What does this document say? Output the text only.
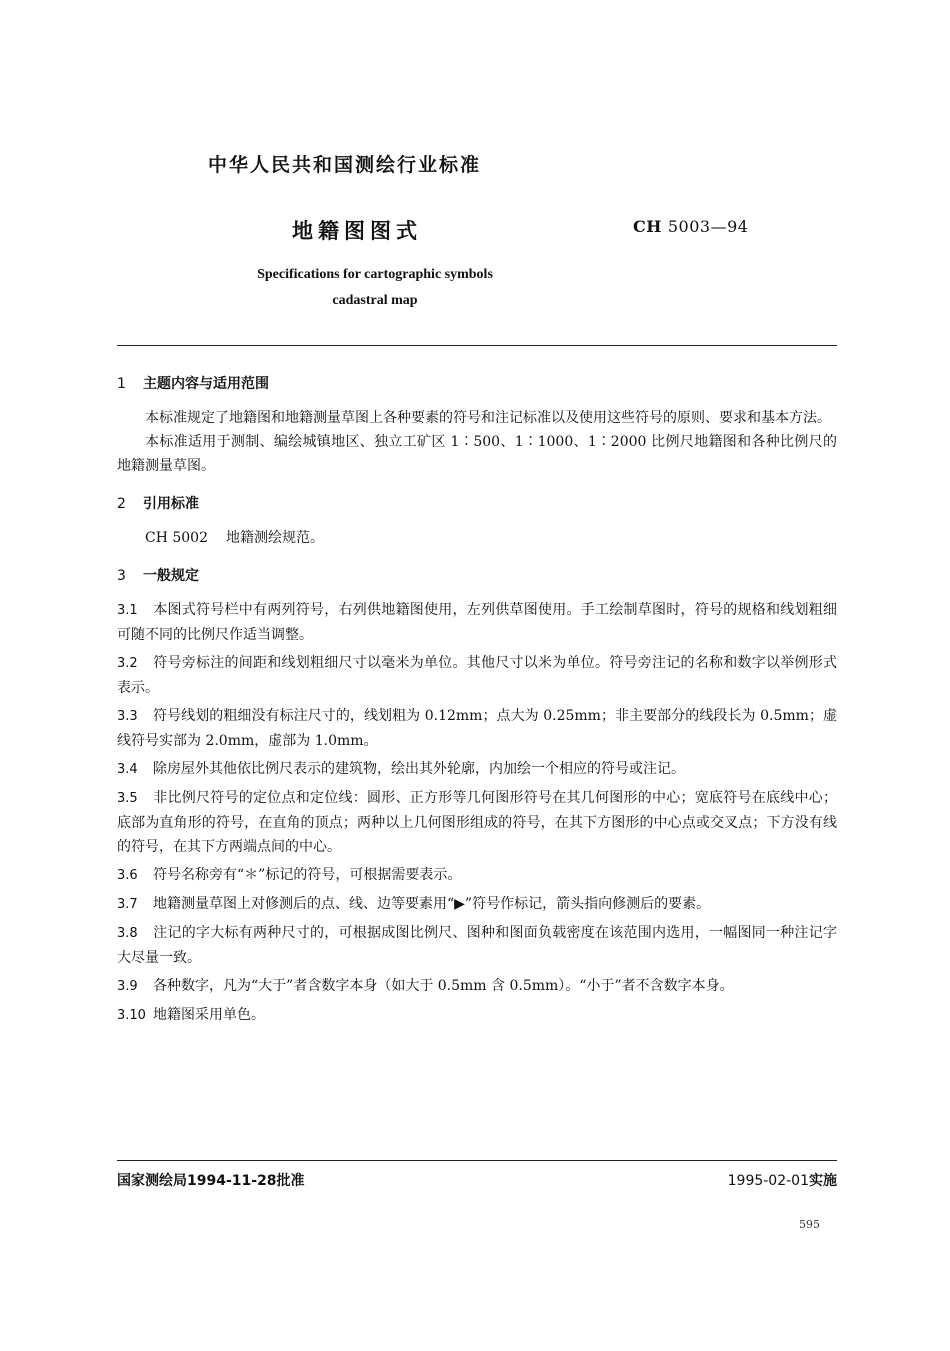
中华人民共和国测绘行业标准
地籍图图式	CH 5003—94
Specifications for cartographic symbols
cadastral map
1 主题内容与适用范围

本标准规定了地籍图和地籍测量草图上各种要素的符号和注记标准以及使用这些符号的原则、要求和基本方法。

本标准适用于测制、编绘城镇地区、独立工矿区 1∶500、1∶1000、1∶2000 比例尺地籍图和各种比例尺的地籍测量草图。

2 引用标准

CH 5002 地籍测绘规范。

3 一般规定

3.1 本图式符号栏中有两列符号，右列供地籍图使用，左列供草图使用。手工绘制草图时，符号的规格和线划粗细可随不同的比例尺作适当调整。

3.2 符号旁标注的间距和线划粗细尺寸以毫米为单位。其他尺寸以米为单位。符号旁注记的名称和数字以举例形式表示。

3.3 符号线划的粗细没有标注尺寸的，线划粗为 0.12mm；点大为 0.25mm；非主要部分的线段长为 0.5mm；虚线符号实部为 2.0mm，虚部为 1.0mm。

3.4 除房屋外其他依比例尺表示的建筑物，绘出其外轮廓，内加绘一个相应的符号或注记。

3.5 非比例尺符号的定位点和定位线：圆形、正方形等几何图形符号在其几何图形的中心；宽底符号在底线中心；底部为直角形的符号，在直角的顶点；两种以上几何图形组成的符号，在其下方图形的中心点或交叉点；下方没有线的符号，在其下方两端点间的中心。

3.6 符号名称旁有“＊”标记的符号，可根据需要表示。

3.7 地籍测量草图上对修测后的点、线、边等要素用“▶”符号作标记，箭头指向修测后的要素。

3.8 注记的字大标有两种尺寸的，可根据成图比例尺、图种和图面负载密度在该范围内选用，一幅图同一种注记字大尽量一致。

3.9 各种数字，凡为“大于”者含数字本身（如大于 0.5mm 含 0.5mm）。“小于”者不含数字本身。

3.10 地籍图采用单色。

国家测绘局1994-11-28批准	1995-02-01实施
595
